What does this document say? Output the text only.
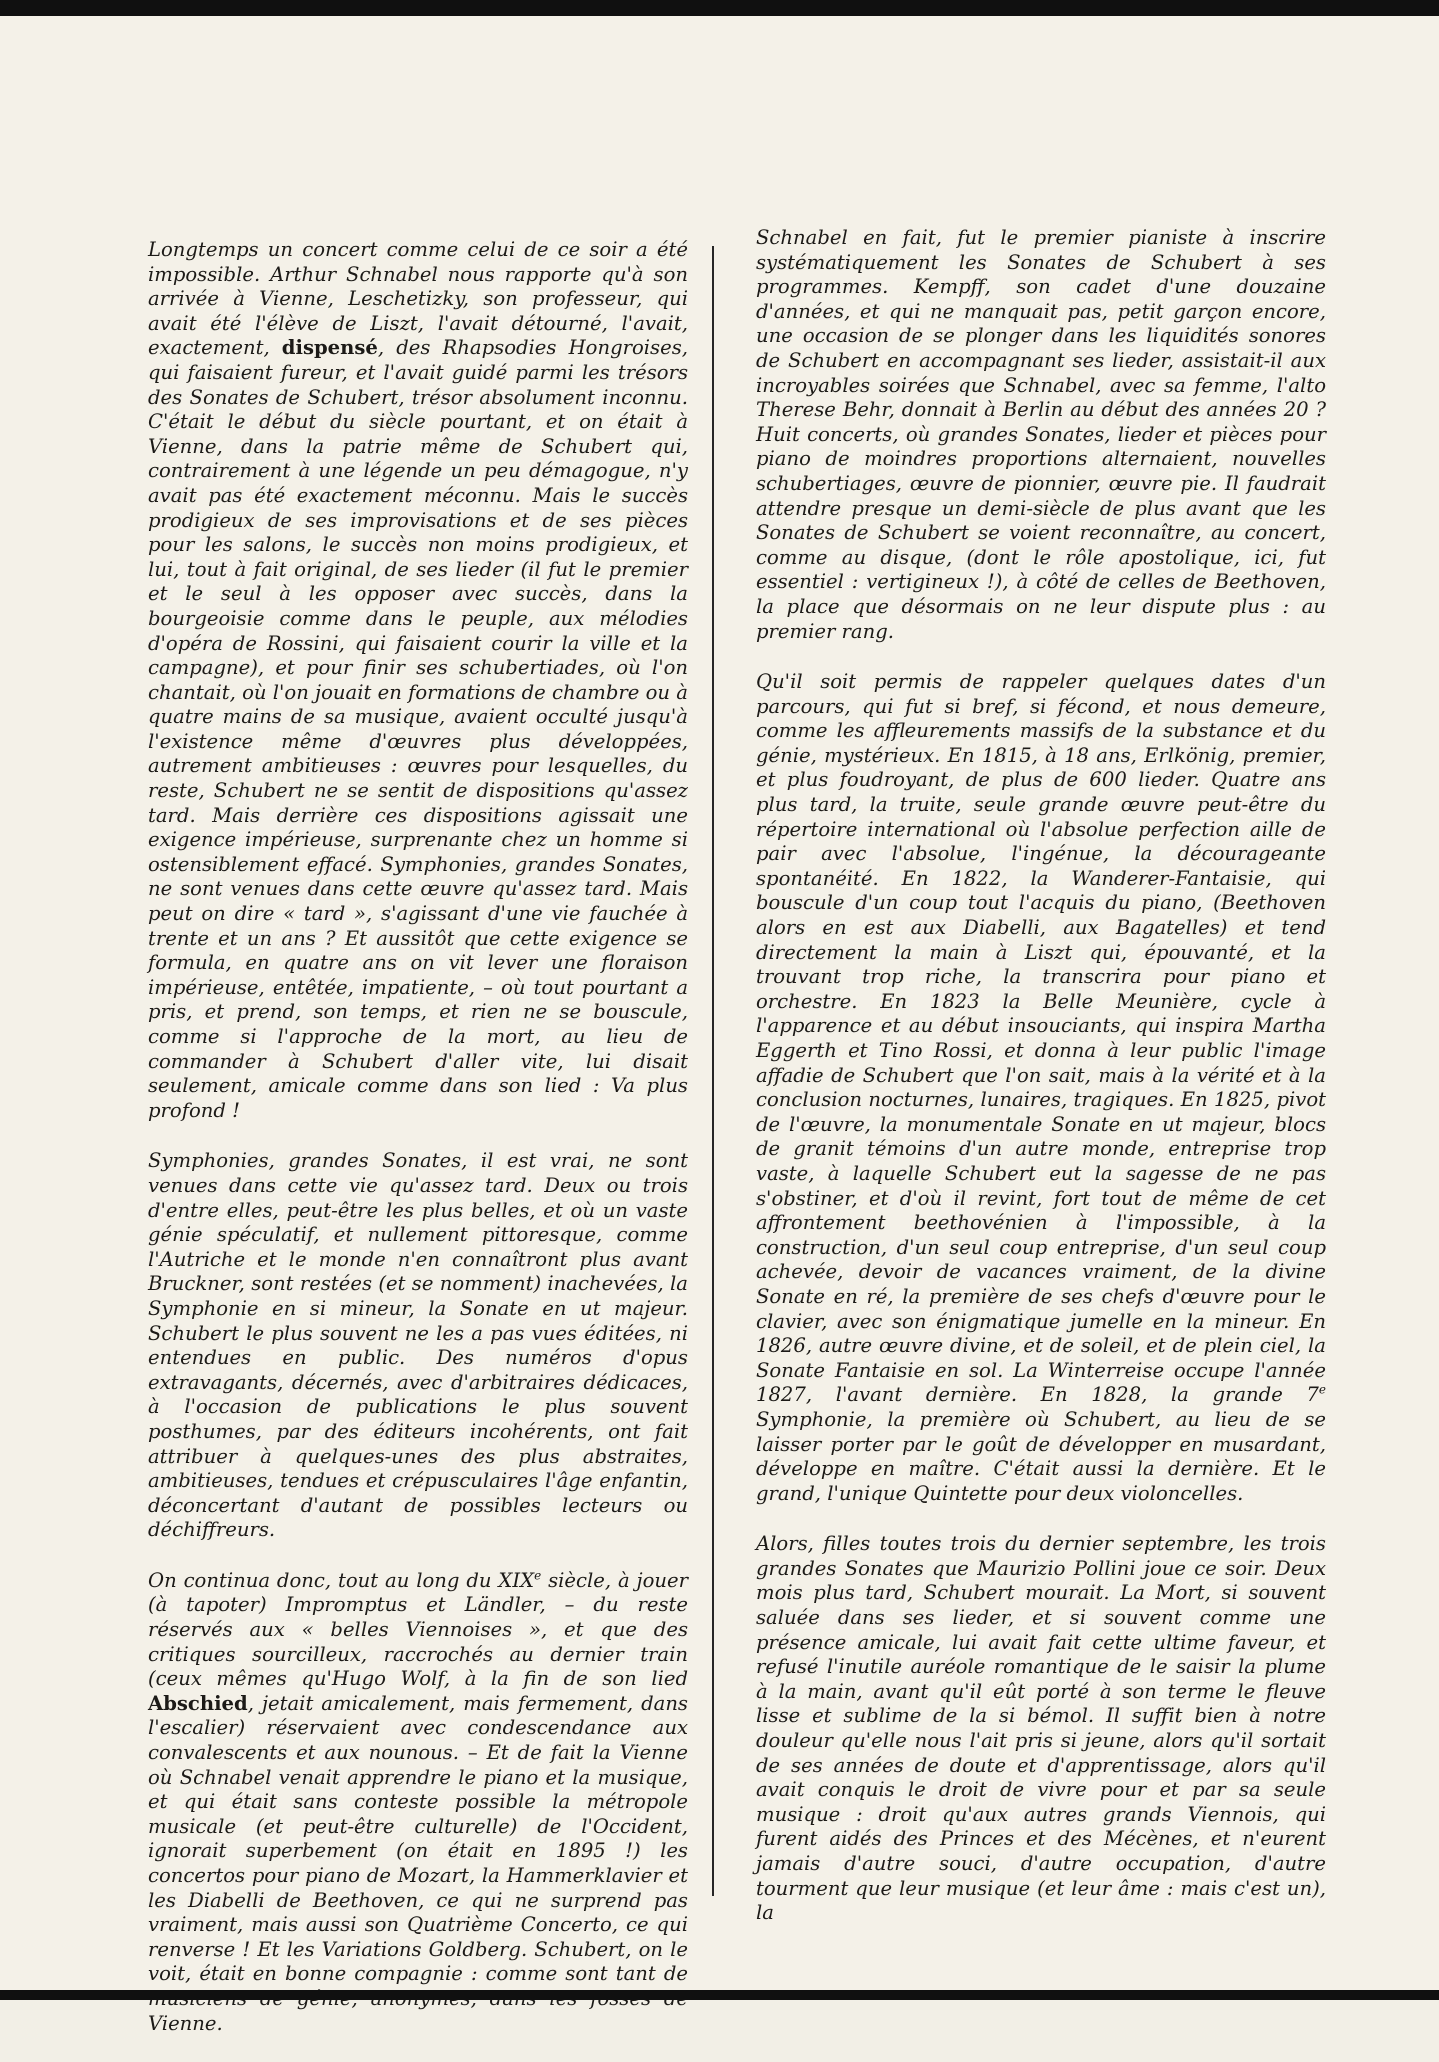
Longtemps un concert comme celui de ce soir a été impossible. Arthur Schnabel nous rapporte qu'à son arrivée à Vienne, Leschetizky, son professeur, qui avait été l'élève de Liszt, l'avait détourné, l'avait, exactement, dispensé, des Rhapsodies Hongroises, qui faisaient fureur, et l'avait guidé parmi les trésors des Sonates de Schubert, trésor absolument inconnu. C'était le début du siècle pourtant, et on était à Vienne, dans la patrie même de Schubert qui, contrairement à une légende un peu démagogue, n'y avait pas été exactement méconnu. Mais le succès prodigieux de ses improvisations et de ses pièces pour les salons, le succès non moins prodigieux, et lui, tout à fait original, de ses lieder (il fut le premier et le seul à les opposer avec succès, dans la bourgeoisie comme dans le peuple, aux mélodies d'opéra de Rossini, qui faisaient courir la ville et la campagne), et pour finir ses schubertiades, où l'on chantait, où l'on jouait en formations de chambre ou à quatre mains de sa musique, avaient occulté jusqu'à l'existence même d'œuvres plus développées, autrement ambitieuses : œuvres pour lesquelles, du reste, Schubert ne se sentit de dispositions qu'assez tard. Mais derrière ces dispositions agissait une exigence impérieuse, surprenante chez un homme si ostensiblement effacé. Symphonies, grandes Sonates, ne sont venues dans cette œuvre qu'assez tard. Mais peut on dire « tard », s'agissant d'une vie fauchée à trente et un ans ? Et aussitôt que cette exigence se formula, en quatre ans on vit lever une floraison impérieuse, entêtée, impatiente, – où tout pourtant a pris, et prend, son temps, et rien ne se bouscule, comme si l'approche de la mort, au lieu de commander à Schubert d'aller vite, lui disait seulement, amicale comme dans son lied : Va plus profond !

Symphonies, grandes Sonates, il est vrai, ne sont venues dans cette vie qu'assez tard. Deux ou trois d'entre elles, peut-être les plus belles, et où un vaste génie spéculatif, et nullement pittoresque, comme l'Autriche et le monde n'en connaîtront plus avant Bruckner, sont restées (et se nomment) inachevées, la Symphonie en si mineur, la Sonate en ut majeur. Schubert le plus souvent ne les a pas vues éditées, ni entendues en public. Des numéros d'opus extravagants, décernés, avec d'arbitraires dédicaces, à l'occasion de publications le plus souvent posthumes, par des éditeurs incohérents, ont fait attribuer à quelques-unes des plus abstraites, ambitieuses, tendues et crépusculaires l'âge enfantin, déconcertant d'autant de possibles lecteurs ou déchiffreurs.

On continua donc, tout au long du XIXe siècle, à jouer (à tapoter) Impromptus et Ländler, – du reste réservés aux « belles Viennoises », et que des critiques sourcilleux, raccrochés au dernier train (ceux mêmes qu'Hugo Wolf, à la fin de son lied Abschied, jetait amicalement, mais fermement, dans l'escalier) réservaient avec condescendance aux convalescents et aux nounous. – Et de fait la Vienne où Schnabel venait apprendre le piano et la musique, et qui était sans conteste possible la métropole musicale (et peut-être culturelle) de l'Occident, ignorait superbement (on était en 1895 !) les concertos pour piano de Mozart, la Hammerklavier et les Diabelli de Beethoven, ce qui ne surprend pas vraiment, mais aussi son Quatrième Concerto, ce qui renverse ! Et les Variations Goldberg. Schubert, on le voit, était en bonne compagnie : comme sont tant de Vienne.

Schnabel en fait, fut le premier pianiste à inscrire systématiquement les Sonates de Schubert à ses programmes. Kempff, son cadet d'une douzaine d'années, et qui ne manquait pas, petit garçon encore, une occasion de se plonger dans les liquidités sonores de Schubert en accompagnant ses lieder, assistait-il aux incroyables soirées que Schnabel, avec sa femme, l'alto Therese Behr, donnait à Berlin au début des années 20 ? Huit concerts, où grandes Sonates, lieder et pièces pour piano de moindres proportions alternaient, nouvelles schubertiages, œuvre de pionnier, œuvre pie. Il faudrait attendre presque un demi-siècle de plus avant que les Sonates de Schubert se voient reconnaître, au concert, comme au disque, (dont le rôle apostolique, ici, fut essentiel : vertigineux !), à côté de celles de Beethoven, la place que désormais on ne leur dispute plus : au premier rang.

Qu'il soit permis de rappeler quelques dates d'un parcours, qui fut si bref, si fécond, et nous demeure, comme les affleurements massifs de la substance et du génie, mystérieux. En 1815, à 18 ans, Erlkönig, premier, et plus foudroyant, de plus de 600 lieder. Quatre ans plus tard, la truite, seule grande œuvre peut-être du répertoire international où l'absolue perfection aille de pair avec l'absolue, l'ingénue, la décourageante spontanéité. En 1822, la Wanderer-Fantaisie, qui bouscule d'un coup tout l'acquis du piano, (Beethoven alors en est aux Diabelli, aux Bagatelles) et tend directement la main à Liszt qui, épouvanté, et la trouvant trop riche, la transcrira pour piano et orchestre. En 1823 la Belle Meunière, cycle à l'apparence et au début insouciants, qui inspira Martha Eggerth et Tino Rossi, et donna à leur public l'image affadie de Schubert que l'on sait, mais à la vérité et à la conclusion nocturnes, lunaires, tragiques. En 1825, pivot de l'œuvre, la monumentale Sonate en ut majeur, blocs de granit témoins d'un autre monde, entreprise trop vaste, à laquelle Schubert eut la sagesse de ne pas s'obstiner, et d'où il revint, fort tout de même de cet affrontement beethovénien à l'impossible, à la construction, d'un seul coup entreprise, d'un seul coup achevée, devoir de vacances vraiment, de la divine Sonate en ré, la première de ses chefs d'œuvre pour le clavier, avec son énigmatique jumelle en la mineur. En 1826, autre œuvre divine, et de soleil, et de plein ciel, la Sonate Fantaisie en sol. La Winterreise occupe l'année 1827, l'avant dernière. En 1828, la grande 7e Symphonie, la première où Schubert, au lieu de se laisser porter par le goût de développer en musardant, développe en maître. C'était aussi la dernière. Et le grand, l'unique Quintette pour deux violoncelles.

Alors, filles toutes trois du dernier septembre, les trois grandes Sonates que Maurizio Pollini joue ce soir. Deux mois plus tard, Schubert mourait. La Mort, si souvent saluée dans ses lieder, et si souvent comme une présence amicale, lui avait fait cette ultime faveur, et refusé l'inutile auréole romantique de le saisir la plume à la main, avant qu'il eût porté à son terme le fleuve lisse et sublime de la si bémol. Il suffit bien à notre douleur qu'elle nous l'ait pris si jeune, alors qu'il sortait de ses années de doute et d'apprentissage, alors qu'il avait conquis le droit de vivre pour et par sa seule musique : droit qu'aux autres grands Viennois, qui furent aidés des Princes et des Mécènes, et n'eurent jamais d'autre souci, d'autre occupation, d'autre tourment que leur musique (et leur âme : mais c'est un), la
